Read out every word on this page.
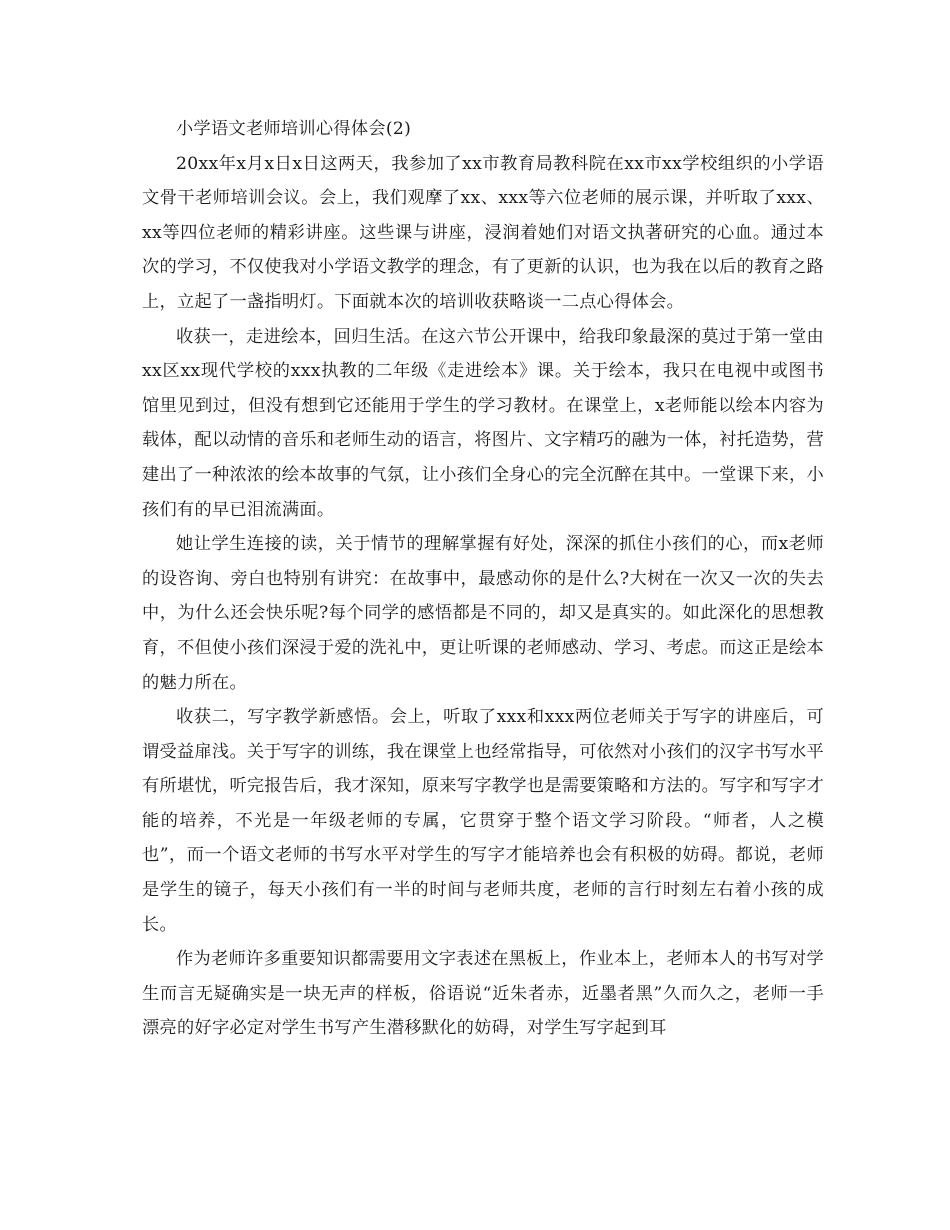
小学语文老师培训心得体会(2)

20xx年x月x日x日这两天，我参加了xx市教育局教科院在xx市xx学校组织的小学语文骨干老师培训会议。会上，我们观摩了xx、xxx等六位老师的展示课，并听取了xxx、xx等四位老师的精彩讲座。这些课与讲座，浸润着她们对语文执著研究的心血。通过本次的学习，不仅使我对小学语文教学的理念，有了更新的认识，也为我在以后的教育之路上，立起了一盏指明灯。下面就本次的培训收获略谈一二点心得体会。

收获一，走进绘本，回归生活。在这六节公开课中，给我印象最深的莫过于第一堂由xx区xx现代学校的xxx执教的二年级《走进绘本》课。关于绘本，我只在电视中或图书馆里见到过，但没有想到它还能用于学生的学习教材。在课堂上，x老师能以绘本内容为载体，配以动情的音乐和老师生动的语言，将图片、文字精巧的融为一体，衬托造势，营建出了一种浓浓的绘本故事的气氛，让小孩们全身心的完全沉醉在其中。一堂课下来，小孩们有的早已泪流满面。

她让学生连接的读，关于情节的理解掌握有好处，深深的抓住小孩们的心，而x老师的设咨询、旁白也特别有讲究：在故事中，最感动你的是什么?大树在一次又一次的失去中，为什么还会快乐呢?每个同学的感悟都是不同的，却又是真实的。如此深化的思想教育，不但使小孩们深浸于爱的洗礼中，更让听课的老师感动、学习、考虑。而这正是绘本的魅力所在。

收获二，写字教学新感悟。会上，听取了xxx和xxx两位老师关于写字的讲座后，可谓受益扉浅。关于写字的训练，我在课堂上也经常指导，可依然对小孩们的汉字书写水平有所堪忧，听完报告后，我才深知，原来写字教学也是需要策略和方法的。写字和写字才能的培养，不光是一年级老师的专属，它贯穿于整个语文学习阶段。“师者，人之模也”，而一个语文老师的书写水平对学生的写字才能培养也会有积极的妨碍。都说，老师是学生的镜子，每天小孩们有一半的时间与老师共度，老师的言行时刻左右着小孩的成长。

作为老师许多重要知识都需要用文字表述在黑板上，作业本上，老师本人的书写对学生而言无疑确实是一块无声的样板，俗语说“近朱者赤，近墨者黑”久而久之，老师一手漂亮的好字必定对学生书写产生潜移默化的妨碍，对学生写字起到耳
